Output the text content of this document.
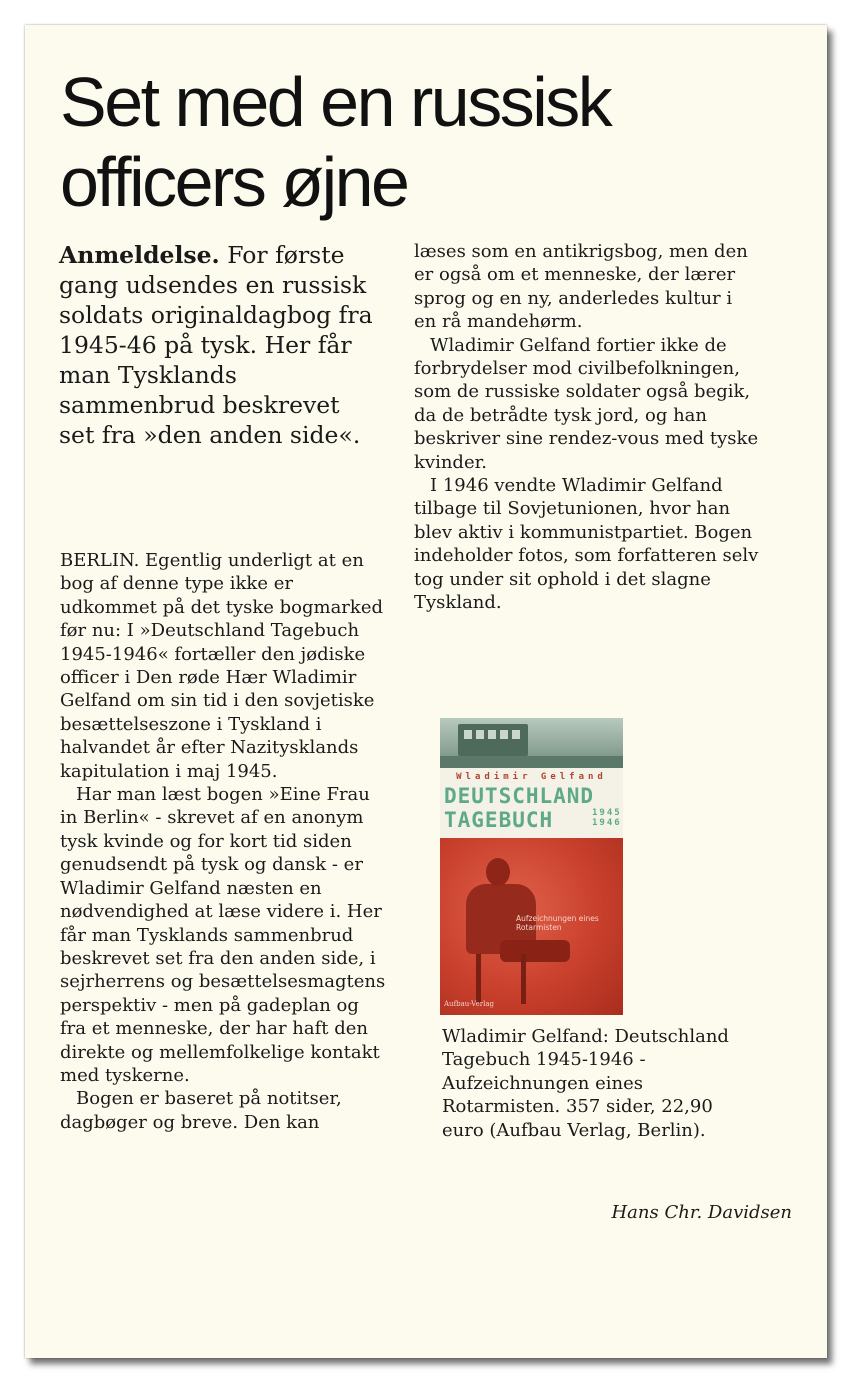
Set med en russisk officers øjne

Anmeldelse. For første gang udsendes en russisk soldats originaldagbog fra 1945-46 på tysk. Her får man Tysklands sammenbrud beskrevet set fra »den anden side«.

BERLIN. Egentlig underligt at en bog af denne type ikke er udkommet på det tyske bogmarked før nu: I »Deutschland Tagebuch 1945-1946« fortæller den jødiske officer i Den røde Hær Wladimir Gelfand om sin tid i den sovjetiske besættelseszone i Tyskland i halvandet år efter Nazitysklands kapitulation i maj 1945.

Har man læst bogen »Eine Frau in Berlin« - skrevet af en anonym tysk kvinde og for kort tid siden genudsendt på tysk og dansk - er Wladimir Gelfand næsten en nødvendighed at læse videre i. Her får man Tysklands sammenbrud beskrevet set fra den anden side, i sejrherrens og besættelsesmagtens perspektiv - men på gadeplan og fra et menneske, der har haft den direkte og mellemfolkelige kontakt med tyskerne.

Bogen er baseret på notitser, dagbøger og breve. Den kan

læses som en antikrigsbog, men den er også om et menneske, der lærer sprog og en ny, anderledes kultur i en rå mandehørm.

Wladimir Gelfand fortier ikke de forbrydelser mod civilbefolkningen, som de russiske soldater også begik, da de betrådte tysk jord, og han beskriver sine rendez-vous med tyske kvinder.

I 1946 vendte Wladimir Gelfand tilbage til Sovjetunionen, hvor han blev aktiv i kommunistpartiet. Bogen indeholder fotos, som forfatteren selv tog under sit ophold i det slagne Tyskland.

Wladimir Gelfand
DEUTSCHLAND
TAGEBUCH	1945
1946
Aufzeichnungen eines Rotarmisten
Aufbau-Verlag
Wladimir Gelfand: Deutschland Tagebuch 1945-1946 - Aufzeichnungen eines Rotarmisten. 357 sider, 22,90 euro (Aufbau Verlag, Berlin).
Hans Chr. Davidsen
